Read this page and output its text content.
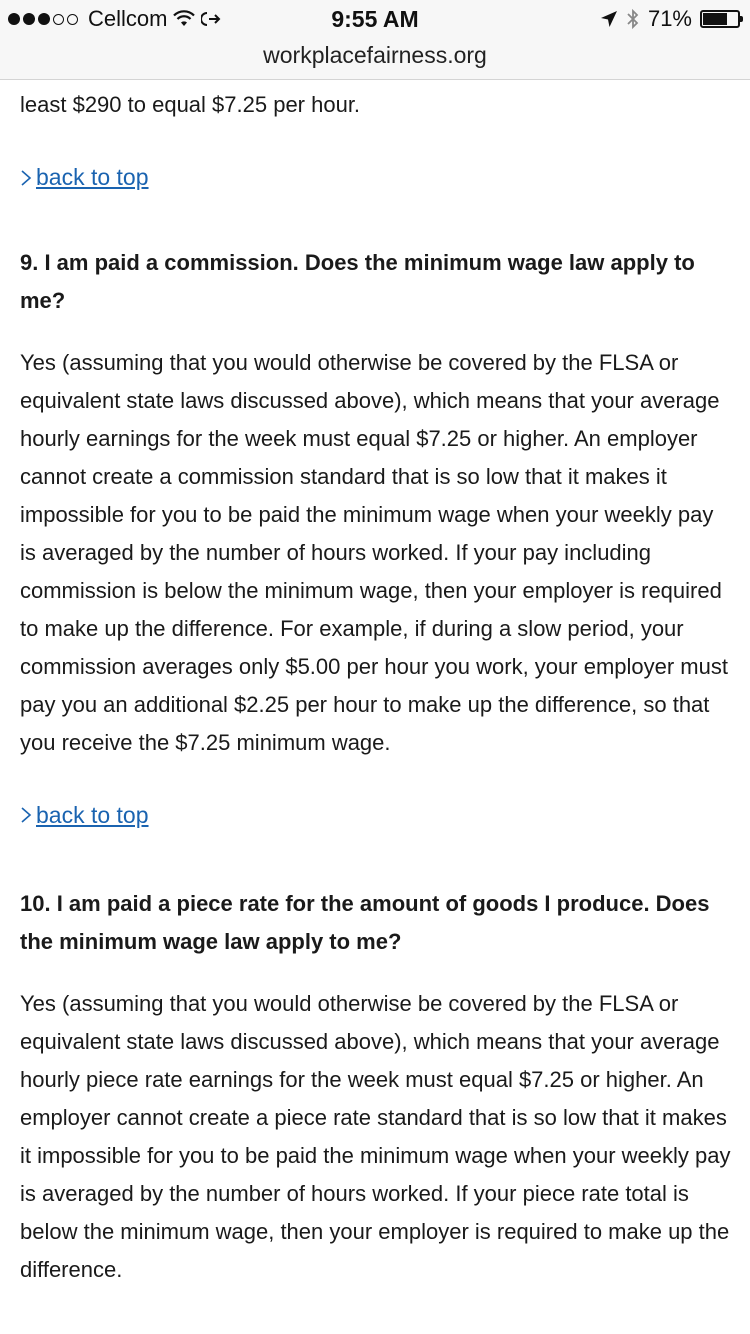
Cellcom	9:55 AM	71%
workplacefairness.org

least $290 to equal $7.25 per hour.

back to top
9. I am paid a commission. Does the minimum wage law apply to me?

Yes (assuming that you would otherwise be covered by the FLSA or equivalent state laws discussed above), which means that your average hourly earnings for the week must equal $7.25 or higher. An employer cannot create a commission standard that is so low that it makes it impossible for you to be paid the minimum wage when your weekly pay is averaged by the number of hours worked. If your pay including commission is below the minimum wage, then your employer is required to make up the difference. For example, if during a slow period, your commission averages only $5.00 per hour you work, your employer must pay you an additional $2.25 per hour to make up the difference, so that you receive the $7.25 minimum wage.

back to top
10. I am paid a piece rate for the amount of goods I produce. Does the minimum wage law apply to me?

Yes (assuming that you would otherwise be covered by the FLSA or equivalent state laws discussed above), which means that your average hourly piece rate earnings for the week must equal $7.25 or higher. An employer cannot create a piece rate standard that is so low that it makes it impossible for you to be paid the minimum wage when your weekly pay is averaged by the number of hours worked. If your piece rate total is below the minimum wage, then your employer is required to make up the difference.
